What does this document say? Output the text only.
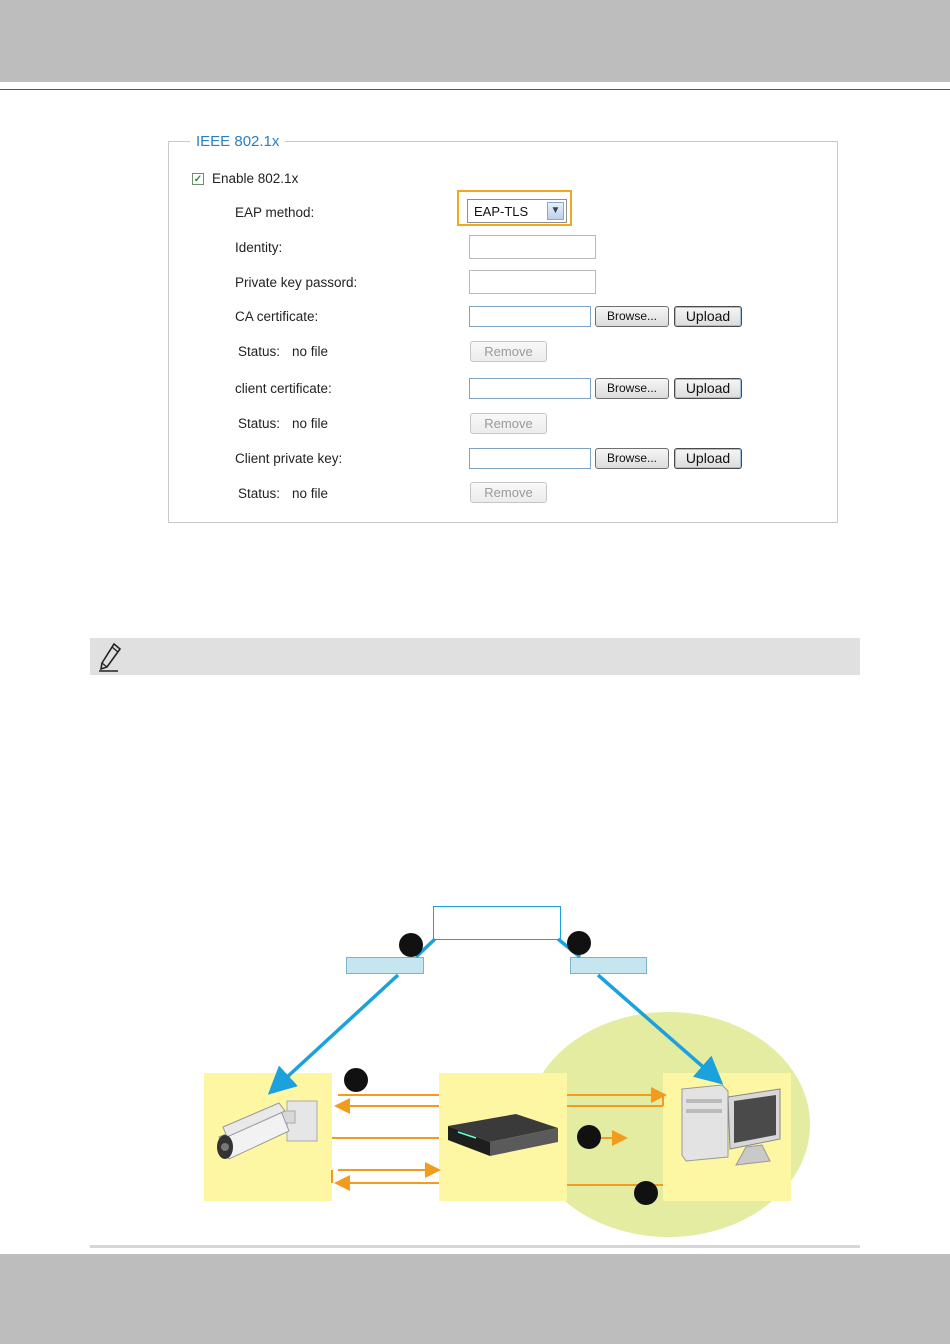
IEEE 802.1x
✓ Enable 802.1x
EAP method:	EAP-TLS	▼
Identity:
Private key passord:
CA certificate:	Browse...	Upload
Status: no file	Remove
client certificate:	Browse...	Upload
Status: no file	Remove
Client private key:	Browse...	Upload
Status: no file	Remove
